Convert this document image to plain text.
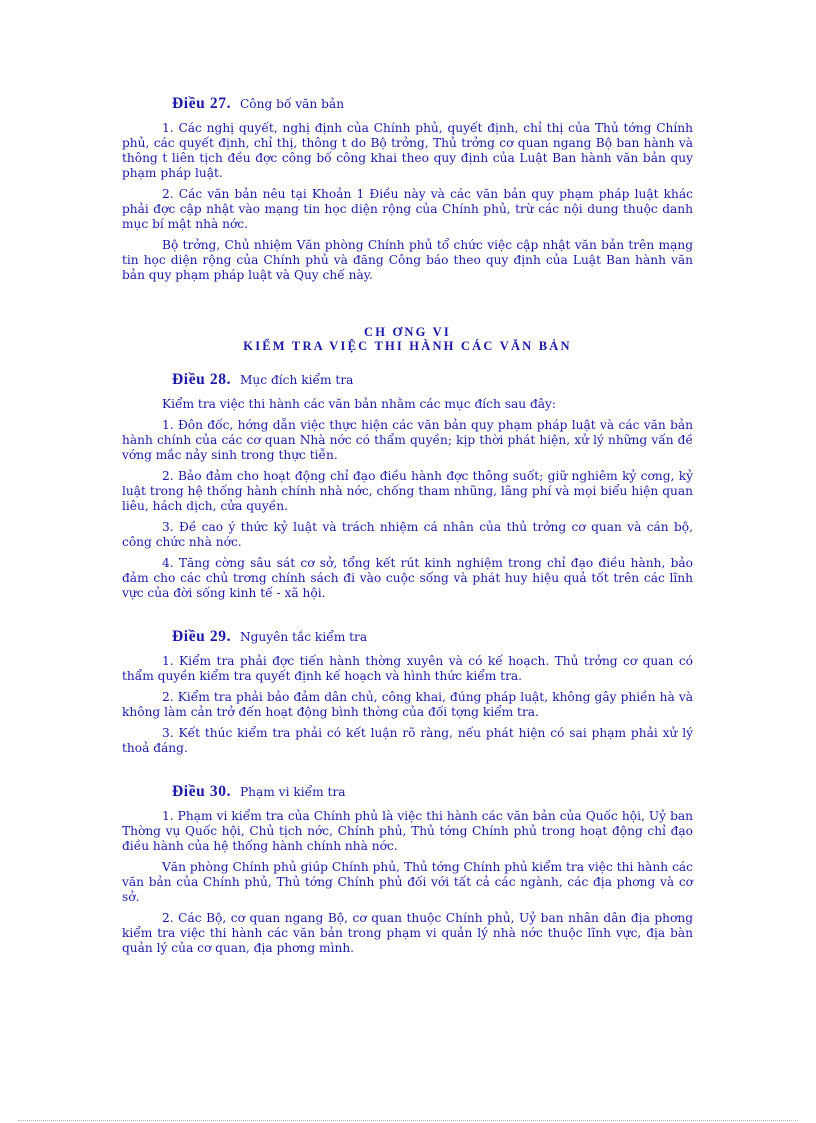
Điều 27. Công bố văn bản

1. Các nghị quyết, nghị định của Chính phủ, quyết định, chỉ thị của Thủ tớng Chính phủ, các quyết định, chỉ thị, thông t do Bộ trởng, Thủ trởng cơ quan ngang Bộ ban hành và thông t liên tịch đều đợc công bố công khai theo quy định của Luật Ban hành văn bản quy phạm pháp luật.

2. Các văn bản nêu tại Khoản 1 Điều này và các văn bản quy phạm pháp luật khác phải đợc cập nhật vào mạng tin học diện rộng của Chính phủ, trừ các nội dung thuộc danh mục bí mật nhà nớc.

Bộ trởng, Chủ nhiệm Văn phòng Chính phủ tổ chức việc cập nhật văn bản trên mạng tin học diện rộng của Chính phủ và đăng Công báo theo quy định của Luật Ban hành văn bản quy phạm pháp luật và Quy chế này.

CH ƠNG VI
KIỂM TRA VIỆC THI HÀNH CÁC VĂN BẢN
Điều 28. Mục đích kiểm tra

Kiểm tra việc thi hành các văn bản nhằm các mục đích sau đây:

1. Đôn đốc, hớng dẫn việc thực hiện các văn bản quy phạm pháp luật và các văn bản hành chính của các cơ quan Nhà nớc có thẩm quyền; kịp thời phát hiện, xử lý những vấn đề vớng mắc nảy sinh trong thực tiễn.

2. Bảo đảm cho hoạt động chỉ đạo điều hành đợc thông suốt; giữ nghiêm kỷ cơng, kỷ luật trong hệ thống hành chính nhà nớc, chống tham nhũng, lãng phí và mọi biểu hiện quan liêu, hách dịch, cửa quyền.

3. Đề cao ý thức kỷ luật và trách nhiệm cá nhân của thủ trởng cơ quan và cán bộ, công chức nhà nớc.

4. Tăng cờng sâu sát cơ sở, tổng kết rút kinh nghiệm trong chỉ đạo điều hành, bảo đảm cho các chủ trơng chính sách đi vào cuộc sống và phát huy hiệu quả tốt trên các lĩnh vực của đời sống kinh tế - xã hội.

Điều 29. Nguyên tắc kiểm tra

1. Kiểm tra phải đợc tiến hành thờng xuyên và có kế hoạch. Thủ trởng cơ quan có thẩm quyền kiểm tra quyết định kế hoạch và hình thức kiểm tra.

2. Kiểm tra phải bảo đảm dân chủ, công khai, đúng pháp luật, không gây phiền hà và không làm cản trở đến hoạt động bình thờng của đối tợng kiểm tra.

3. Kết thúc kiểm tra phải có kết luận rõ ràng, nếu phát hiện có sai phạm phải xử lý thoả đáng.

Điều 30. Phạm vi kiểm tra

1. Phạm vi kiểm tra của Chính phủ là việc thi hành các văn bản của Quốc hội, Uỷ ban Thờng vụ Quốc hội, Chủ tịch nớc, Chính phủ, Thủ tớng Chính phủ trong hoạt động chỉ đạo điều hành của hệ thống hành chính nhà nớc.

Văn phòng Chính phủ giúp Chính phủ, Thủ tớng Chính phủ kiểm tra việc thi hành các văn bản của Chính phủ, Thủ tớng Chính phủ đối với tất cả các ngành, các địa phơng và cơ sở.

2. Các Bộ, cơ quan ngang Bộ, cơ quan thuộc Chính phủ, Uỷ ban nhân dân địa phơng kiểm tra việc thi hành các văn bản trong phạm vi quản lý nhà nớc thuộc lĩnh vực, địa bàn quản lý của cơ quan, địa phơng mình.
